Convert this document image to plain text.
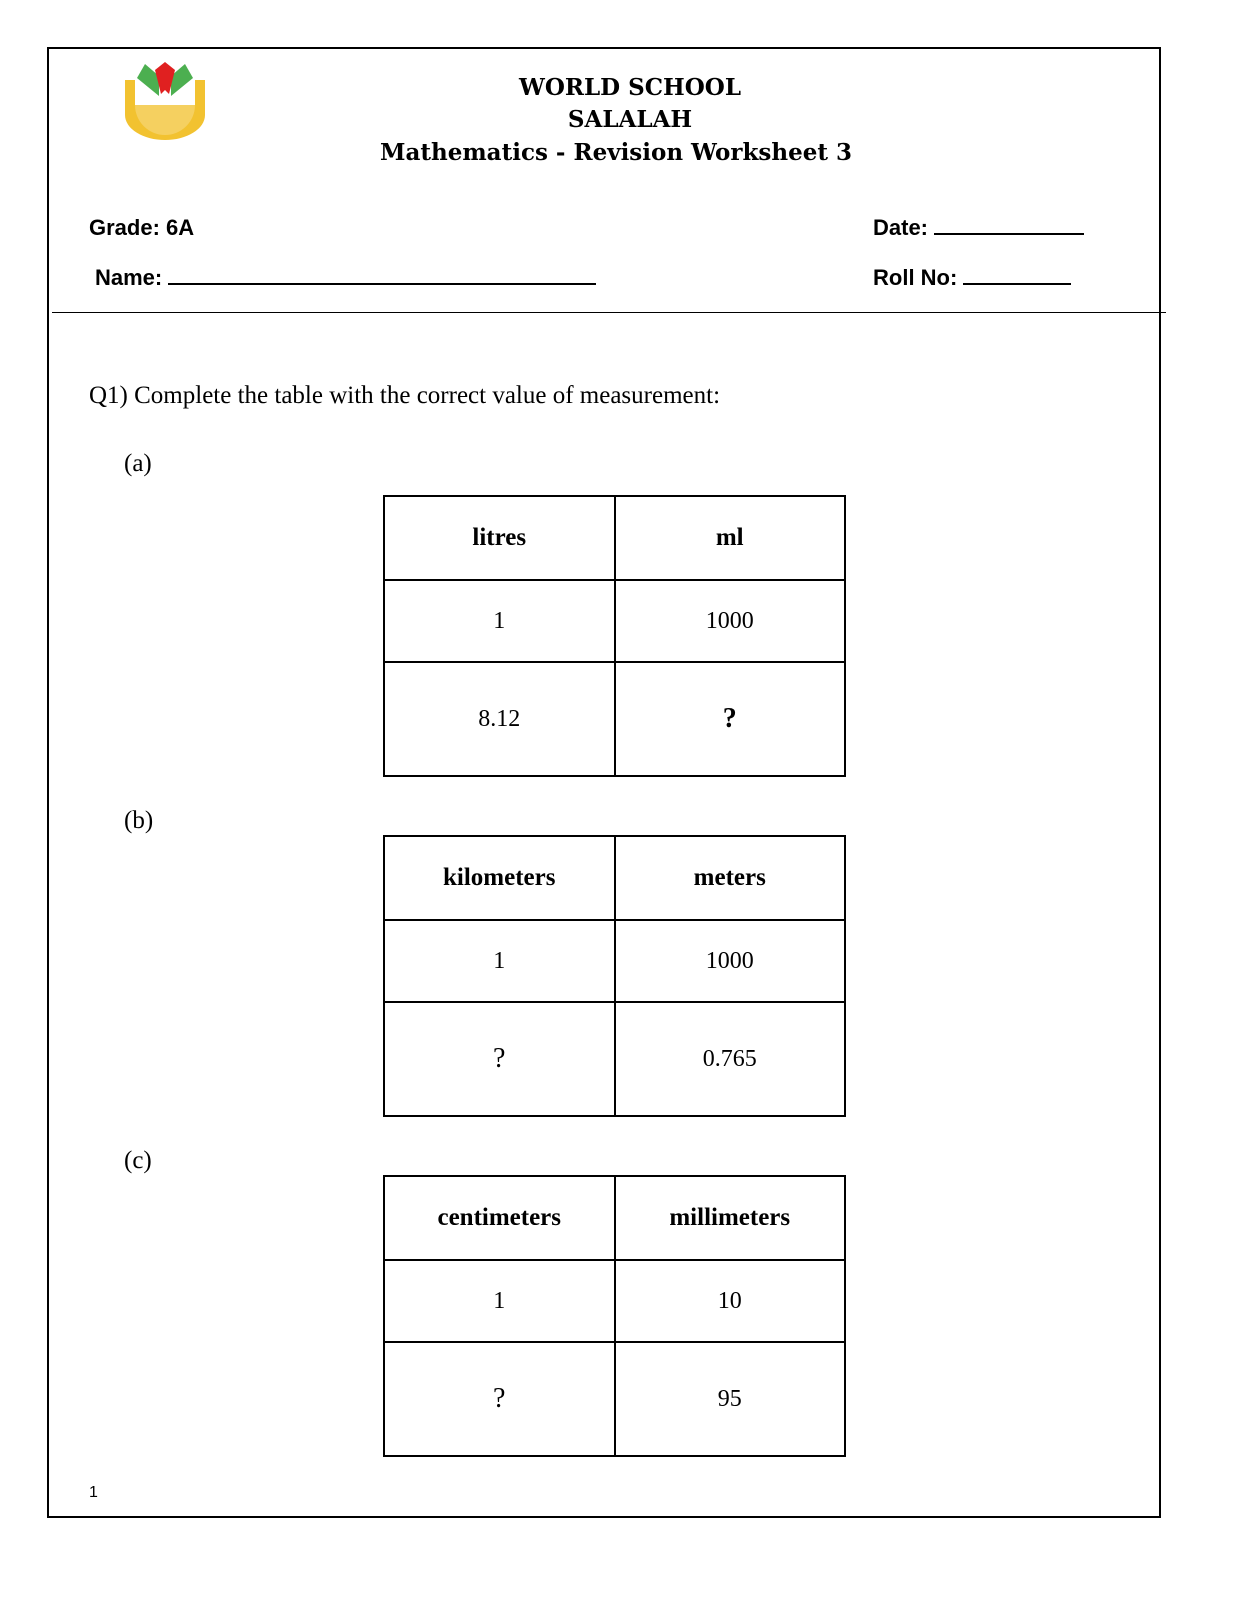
WORLD SCHOOL
SALALAH
Mathematics - Revision Worksheet 3
Grade: 6A
Name:
Date:
Roll No:
Q1) Complete the table with the correct value of measurement:
(a)
litres	ml
1	1000
8.12	?
(b)
kilometers	meters
1	1000
?	0.765
(c)
centimeters	millimeters
1	10
?	95
1
